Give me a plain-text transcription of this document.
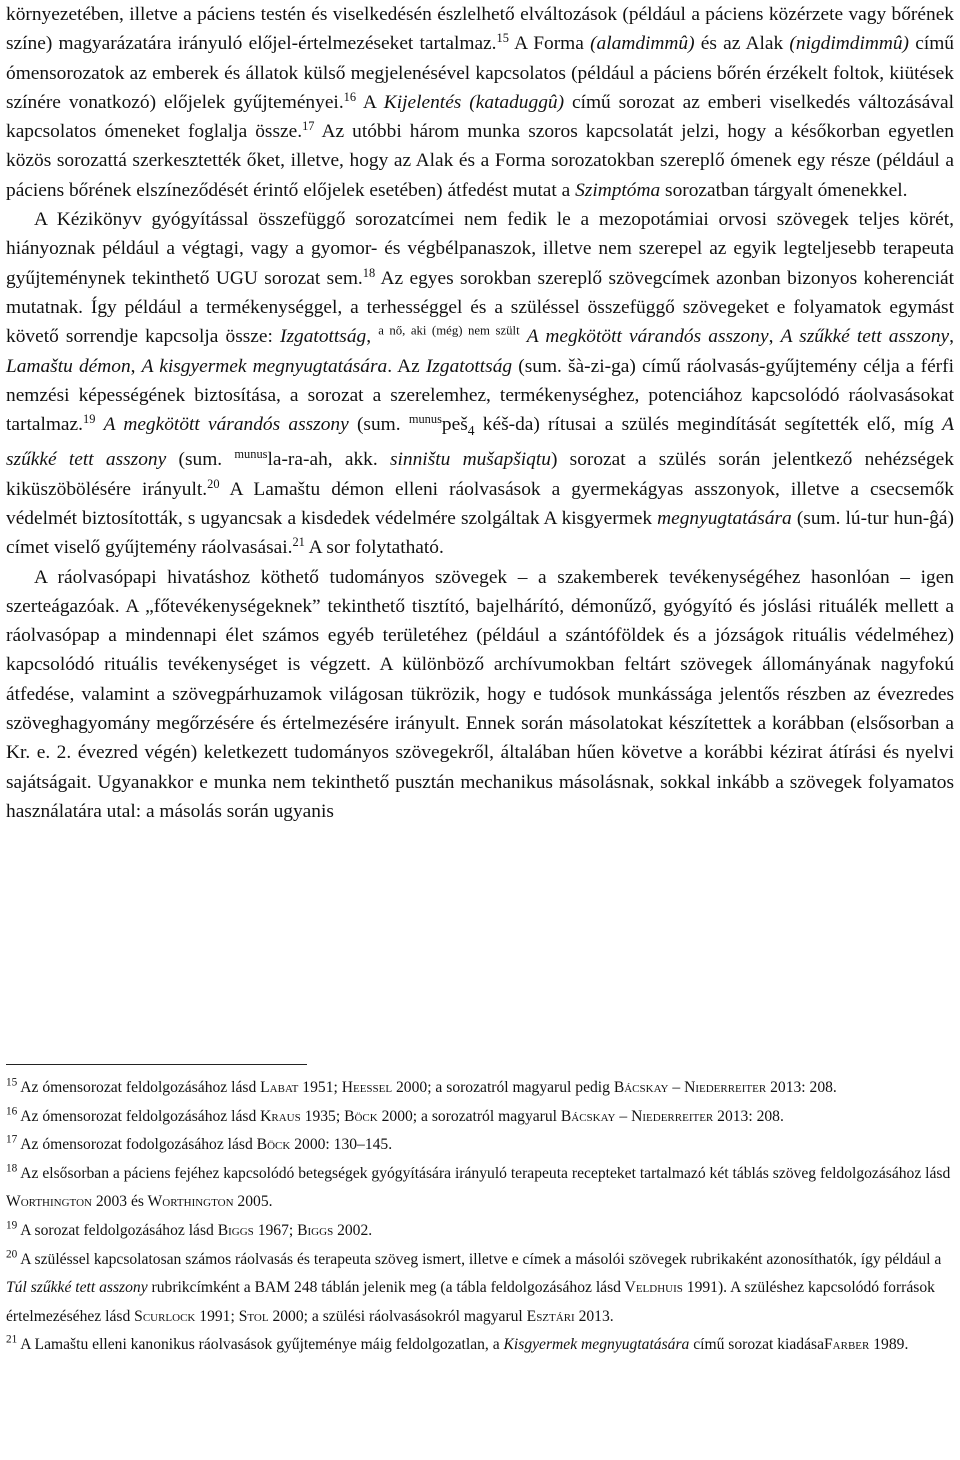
környezetében, illetve a páciens testén és viselkedésén észlelhető elváltozások (például a páciens közérzete vagy bőrének színe) magyarázatára irányuló előjel-értelmezéseket tartalmaz.$^{15}$ A Forma (alamdimmû) és az Alak (nigdimdimmû) című ómensorozatok az emberek és állatok külső megjelenésével kapcsolatos (például a páciens bőrén érzékelt foltok, kiütések színére vonatkozó) előjelek gyűjteményei.$^{16}$ A Kijelentés (kataduggû) című sorozat az emberi viselkedés változásával kapcsolatos ómeneket foglalja össze.$^{17}$ Az utóbbi három munka szoros kapcsolatát jelzi, hogy a későkorban egyetlen közös sorozattá szerkesztették őket, illetve, hogy az Alak és a Forma sorozatokban szereplő ómenek egy része (például a páciens bőrének elszíneződését érintő előjelek esetében) átfedést mutat a Szimptóma sorozatban tárgyalt ómenekkel.

A Kézikönyv gyógyítással összefüggő sorozatcímei nem fedik le a mezopotámiai orvosi szövegek teljes körét, hiányoznak például a végtagi, vagy a gyomor- és végbélpanaszok, illetve nem szerepel az egyik legteljesebb terapeuta gyűjteménynek tekinthető UGU sorozat sem.$^{18}$ Az egyes sorokban szereplő szövegcímek azonban bizonyos koherenciát mutatnak. Így például a termékenységgel, a terhességgel és a szüléssel összefüggő szövegeket e folyamatok egymást követő sorrendje kapcsolja össze: Izgatottság, $^{a nő, aki (még) nem szült}$ A megkötött várandós asszony, A szűkké tett asszony, Lamaštu démon, A kisgyermek megnyugtatására. Az Izgatottság (sum. šà-zi-ga) című ráolvasás-gyűjtemény célja a férfi nemzési képességének biztosítása, a sorozat a szerelemhez, termékenységhez, potenciához kapcsolódó ráolvasásokat tartalmaz.$^{19}$ A megkötött várandós asszony (sum. $^{munus}$peš$_4$ kéš-da) rítusai a szülés megindítását segítették elő, míg A szűkké tett asszony (sum. $^{munus}$la-ra-ah, akk. sinništu mušapšiqtu) sorozat a szülés során jelentkező nehézségek kiküszöbölésére irányult.$^{20}$ A Lamaštu démon elleni ráolvasások a gyermekágyas asszonyok, illetve a csecsemők védelmét biztosították, s ugyancsak a kisdedek védelmére szolgáltak A kisgyermek megnyugtatására (sum. lú-tur hun-ĝá) címet viselő gyűjtemény ráolvasásai.$^{21}$ A sor folytatható.

A ráolvasópapi hivatáshoz köthető tudományos szövegek – a szakemberek tevékenységéhez hasonlóan – igen szerteágazóak. A „főtevékenységeknek” tekinthető tisztító, bajelhárító, démonűző, gyógyító és jóslási rituálék mellett a ráolvasópap a mindennapi élet számos egyéb területéhez (például a szántóföldek és a józságok rituális védelméhez) kapcsolódó rituális tevékenységet is végzett. A különböző archívumokban feltárt szövegek állományának nagyfokú átfedése, valamint a szövegpárhuzamok világosan tükrözik, hogy e tudósok munkássága jelentős részben az évezredes szöveghagyomány megőrzésére és értelmezésére irányult. Ennek során másolatokat készítettek a korábban (elsősorban a Kr. e. 2. évezred végén) keletkezett tudományos szövegekről, általában hűen követve a korábbi kézirat átírási és nyelvi sajátságait. Ugyanakkor e munka nem tekinthető pusztán mechanikus másolásnak, sokkal inkább a szövegek folyamatos használatára utal: a másolás során ugyanis

$^{15}$ Az ómensorozat feldolgozásához lásd Labat 1951; Heeßel 2000; a sorozatról magyarul pedig Bácskay – Niederreiter 2013: 208.

$^{16}$ Az ómensorozat feldolgozásához lásd Kraus 1935; Böck 2000; a sorozatról magyarul Bácskay – Niederreiter 2013: 208.

$^{17}$ Az ómensorozat fodolgozásához lásd Böck 2000: 130–145.

$^{18}$ Az elsősorban a páciens fejéhez kapcsolódó betegségek gyógyítására irányuló terapeuta recepteket tartalmazó két táblás szöveg feldolgozásához lásd Worthington 2003 és Worthington 2005.

$^{19}$ A sorozat feldolgozásához lásd Biggs 1967; Biggs 2002.

$^{20}$ A szüléssel kapcsolatosan számos ráolvasás és terapeuta szöveg ismert, illetve e címek a másolói szövegek rubrikaként azonosíthatók, így például a Túl szűkké tett asszony rubrikcímként a BAM 248 táblán jelenik meg (a tábla feldolgozásához lásd Veldhuis 1991). A szüléshez kapcsolódó források értelmezéséhez lásd Scurlock 1991; Stol 2000; a szülési ráolvasásokról magyarul Esztári 2013.

$^{21}$ A Lamaštu elleni kanonikus ráolvasások gyűjteménye máig feldolgozatlan, a Kisgyermek megnyugtatására című sorozat kiadásaFarber 1989.
